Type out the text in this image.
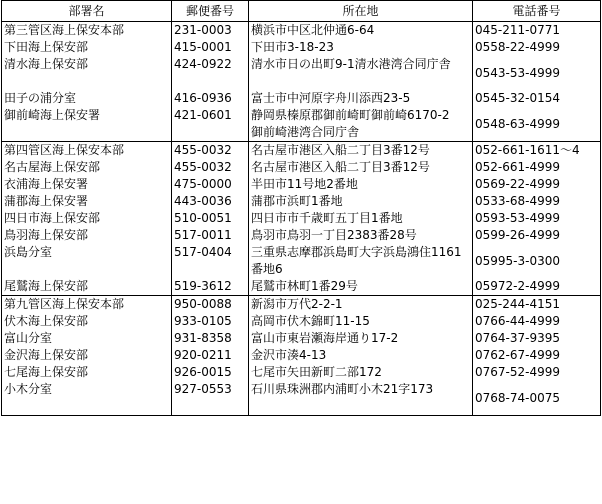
部署名	郵便番号	所在地	電話番号
第三管区海上保安本部	231-0003	横浜市中区北仲通6-64	045-211-0771
下田海上保安部	415-0001	下田市3-18-23	0558-22-4999
清水海上保安部	424-0922	清水市日の出町9-1清水港湾合同庁舎	0543-53-4999
田子の浦分室	416-0936	富士市中河原字舟川添西23-5	0545-32-0154
御前崎海上保安署	421-0601	静岡県榛原郡御前崎町御前崎6170-2　御前崎港湾合同庁舎	0548-63-4999
第四管区海上保安本部	455-0032	名古屋市港区入船二丁目3番12号	052-661-1611～4
名古屋海上保安部	455-0032	名古屋市港区入船二丁目3番12号	052-661-4999
衣浦海上保安署	475-0000	半田市11号地2番地	0569-22-4999
蒲郡海上保安署	443-0036	蒲郡市浜町1番地	0533-68-4999
四日市海上保安部	510-0051	四日市市千歳町五丁目1番地	0593-53-4999
鳥羽海上保安部	517-0011	鳥羽市鳥羽一丁目2383番28号	0599-26-4999
浜島分室	517-0404	三重県志摩郡浜島町大字浜島鴻住1161番地6	05995-3-0300
尾鷲海上保安部	519-3612	尾鷲市林町1番29号	05972-2-4999
第九管区海上保安本部	950-0088	新潟市万代2-2-1	025-244-4151
伏木海上保安部	933-0105	高岡市伏木錦町11-15	0766-44-4999
富山分室	931-8358	富山市東岩瀬海岸通り17-2	0764-37-9395
金沢海上保安部	920-0211	金沢市湊4-13	0762-67-4999
七尾海上保安部	926-0015	七尾市矢田新町二部172	0767-52-4999
小木分室	927-0553	石川県珠洲郡内浦町小木21字173	0768-74-0075
